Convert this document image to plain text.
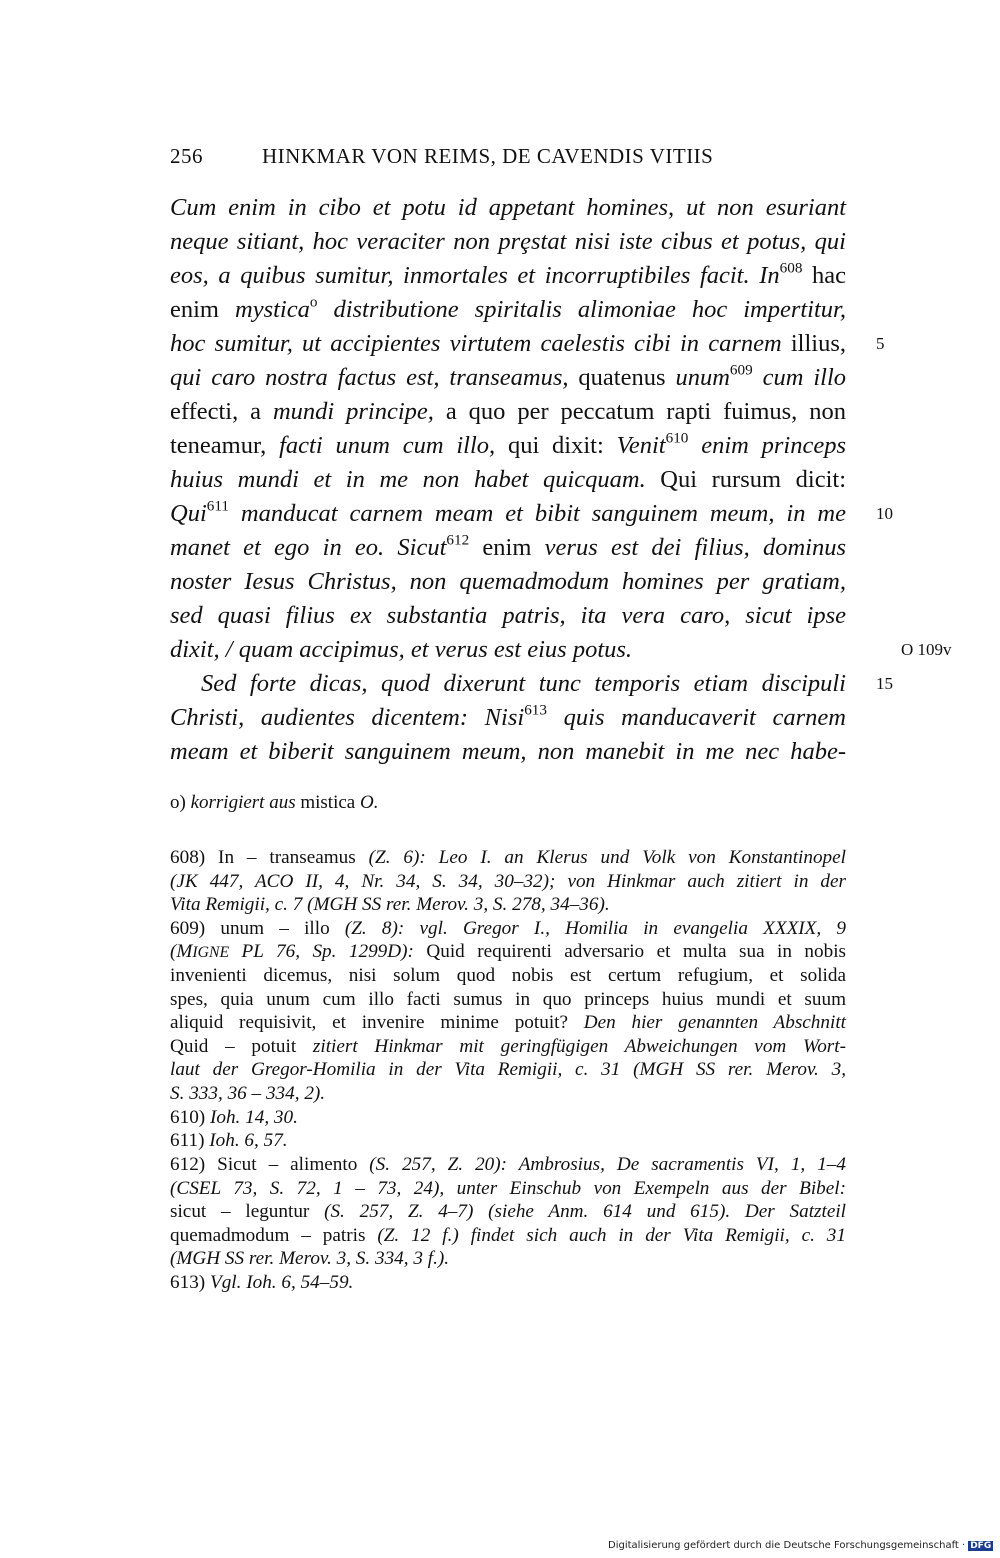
256	HINKMAR VON REIMS, DE CAVENDIS VITIIS
Cum enim in cibo et potu id appetant homines, ut non esuriant
neque sitiant, hoc veraciter non prȩstat nisi iste cibus et potus, qui
eos, a quibus sumitur, inmortales et incorruptibiles facit. In$^{608}$ hac
enim mystica$^o$ distributione spiritalis alimoniae hoc impertitur,
hoc sumitur, ut accipientes virtutem caelestis cibi in carnem illius,
qui caro nostra factus est, transeamus, quatenus unum$^{609}$ cum illo
effecti, a mundi principe, a quo per peccatum rapti fuimus, non
teneamur, facti unum cum illo, qui dixit: Venit$^{610}$ enim princeps
huius mundi et in me non habet quicquam. Qui rursum dicit:
Qui$^{611}$ manducat carnem meam et bibit sanguinem meum, in me
manet et ego in eo. Sicut$^{612}$ enim verus est dei filius, dominus
noster Iesus Christus, non quemadmodum homines per gratiam,
sed quasi filius ex substantia patris, ita vera caro, sicut ipse
dixit, / quam accipimus, et verus est eius potus.
Sed forte dicas, quod dixerunt tunc temporis etiam discipuli
Christi, audientes dicentem: Nisi$^{613}$ quis manducaverit carnem
meam et biberit sanguinem meum, non manebit in me nec habe-
5
10
O 109v
15
o) korrigiert aus mistica O.
608) In – transeamus (Z. 6): Leo I. an Klerus und Volk von Konstantinopel
(JK 447, ACO II, 4, Nr. 34, S. 34, 30–32); von Hinkmar auch zitiert in der
Vita Remigii, c. 7 (MGH SS rer. Merov. 3, S. 278, 34–36).
609) unum – illo (Z. 8): vgl. Gregor I., Homilia in evangelia XXXIX, 9
(MIGNE PL 76, Sp. 1299D): Quid requirenti adversario et multa sua in nobis
invenienti dicemus, nisi solum quod nobis est certum refugium, et solida
spes, quia unum cum illo facti sumus in quo princeps huius mundi et suum
aliquid requisivit, et invenire minime potuit? Den hier genannten Abschnitt
Quid – potuit zitiert Hinkmar mit geringfügigen Abweichungen vom Wort-
laut der Gregor-Homilia in der Vita Remigii, c. 31 (MGH SS rer. Merov. 3,
S. 333, 36 – 334, 2).
610) Ioh. 14, 30.
611) Ioh. 6, 57.
612) Sicut – alimento (S. 257, Z. 20): Ambrosius, De sacramentis VI, 1, 1–4
(CSEL 73, S. 72, 1 – 73, 24), unter Einschub von Exempeln aus der Bibel:
sicut – leguntur (S. 257, Z. 4–7) (siehe Anm. 614 und 615). Der Satzteil
quemadmodum – patris (Z. 12 f.) findet sich auch in der Vita Remigii, c. 31
(MGH SS rer. Merov. 3, S. 334, 3 f.).
613) Vgl. Ioh. 6, 54–59.
Digitalisierung gefördert durch die Deutsche Forschungsgemeinschaft · DFG
